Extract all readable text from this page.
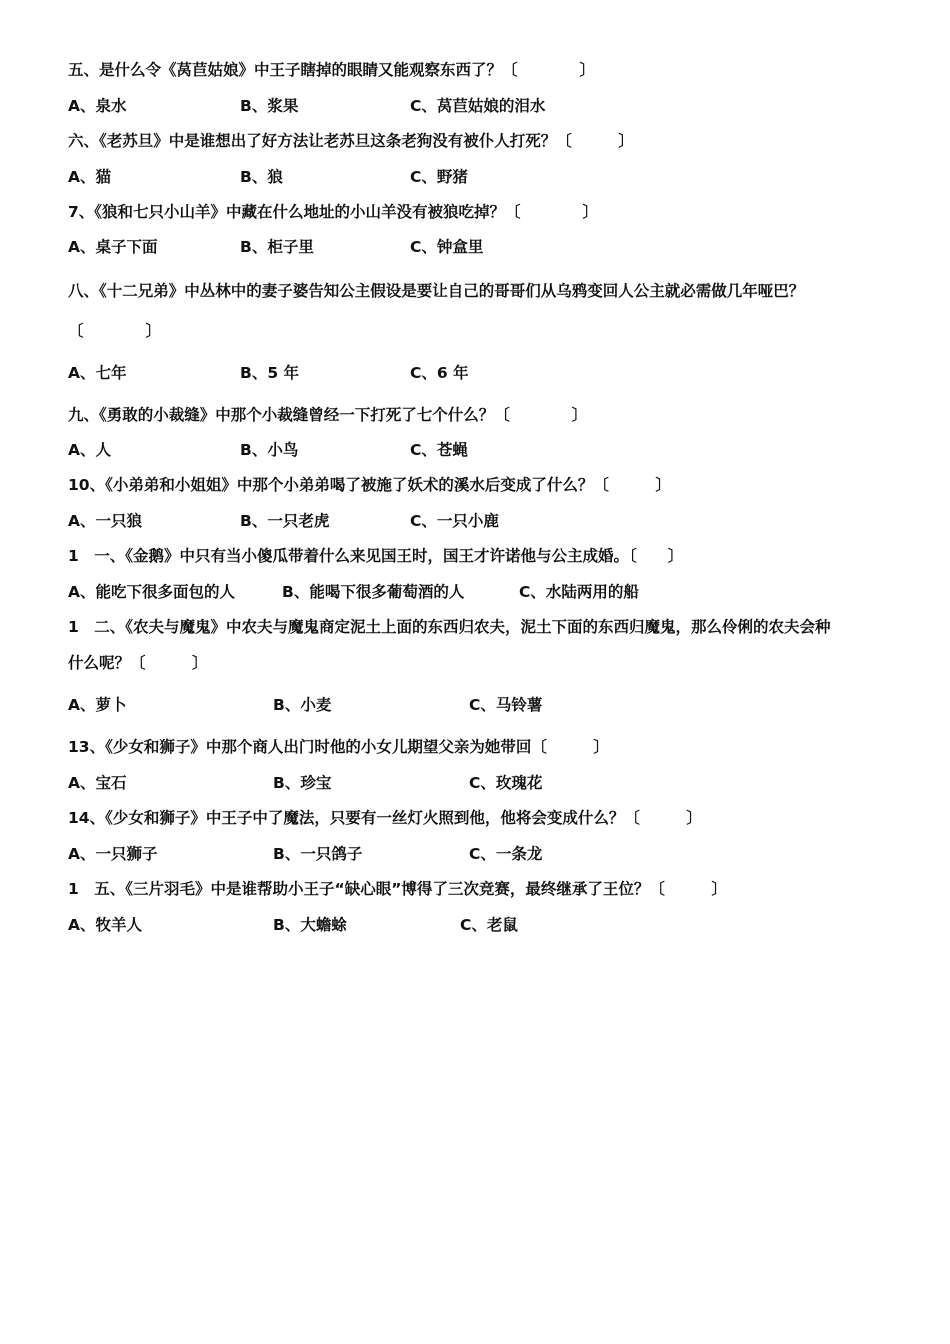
五、是什么令《莴苣姑娘》中王子瞎掉的眼睛又能观察东西了？〔　　　　〕
A、泉水	B、浆果	C、莴苣姑娘的泪水
六、《老苏旦》中是谁想出了好方法让老苏旦这条老狗没有被仆人打死？〔　　　〕
A、猫	B、狼	C、野猪
7、《狼和七只小山羊》中藏在什么地址的小山羊没有被狼吃掉？〔　　　　〕
A、桌子下面	B、柜子里	C、钟盒里
八、《十二兄弟》中丛林中的妻子婆告知公主假设是要让自己的哥哥们从乌鸦变回人公主就必需做几年哑巴？
〔　　　　〕
A、七年	B、5 年	C、6 年
九、《勇敢的小裁缝》中那个小裁缝曾经一下打死了七个什么？〔　　　　〕
A、人	B、小鸟	C、苍蝇
10、《小弟弟和小姐姐》中那个小弟弟喝了被施了妖术的溪水后变成了什么？〔　　　〕
A、一只狼	B、一只老虎	C、一只小鹿
1　一、《金鹅》中只有当小傻瓜带着什么来见国王时，国王才许诺他与公主成婚。〔　　〕
A、能吃下很多面包的人	B、能喝下很多葡萄酒的人	C、水陆两用的船
1　二、《农夫与魔鬼》中农夫与魔鬼商定泥土上面的东西归农夫，泥土下面的东西归魔鬼，那么伶俐的农夫会种
什么呢？〔　　　〕
A、萝卜	B、小麦	C、马铃薯
13、《少女和狮子》中那个商人出门时他的小女儿期望父亲为她带回〔　　　〕
A、宝石	B、珍宝	C、玫瑰花
14、《少女和狮子》中王子中了魔法，只要有一丝灯火照到他，他将会变成什么？〔　　　〕
A、一只狮子	B、一只鸽子	C、一条龙
1　五、《三片羽毛》中是谁帮助小王子“缺心眼”博得了三次竞赛，最终继承了王位？〔　　　〕
A、牧羊人	B、大蟾蜍	C、老鼠
